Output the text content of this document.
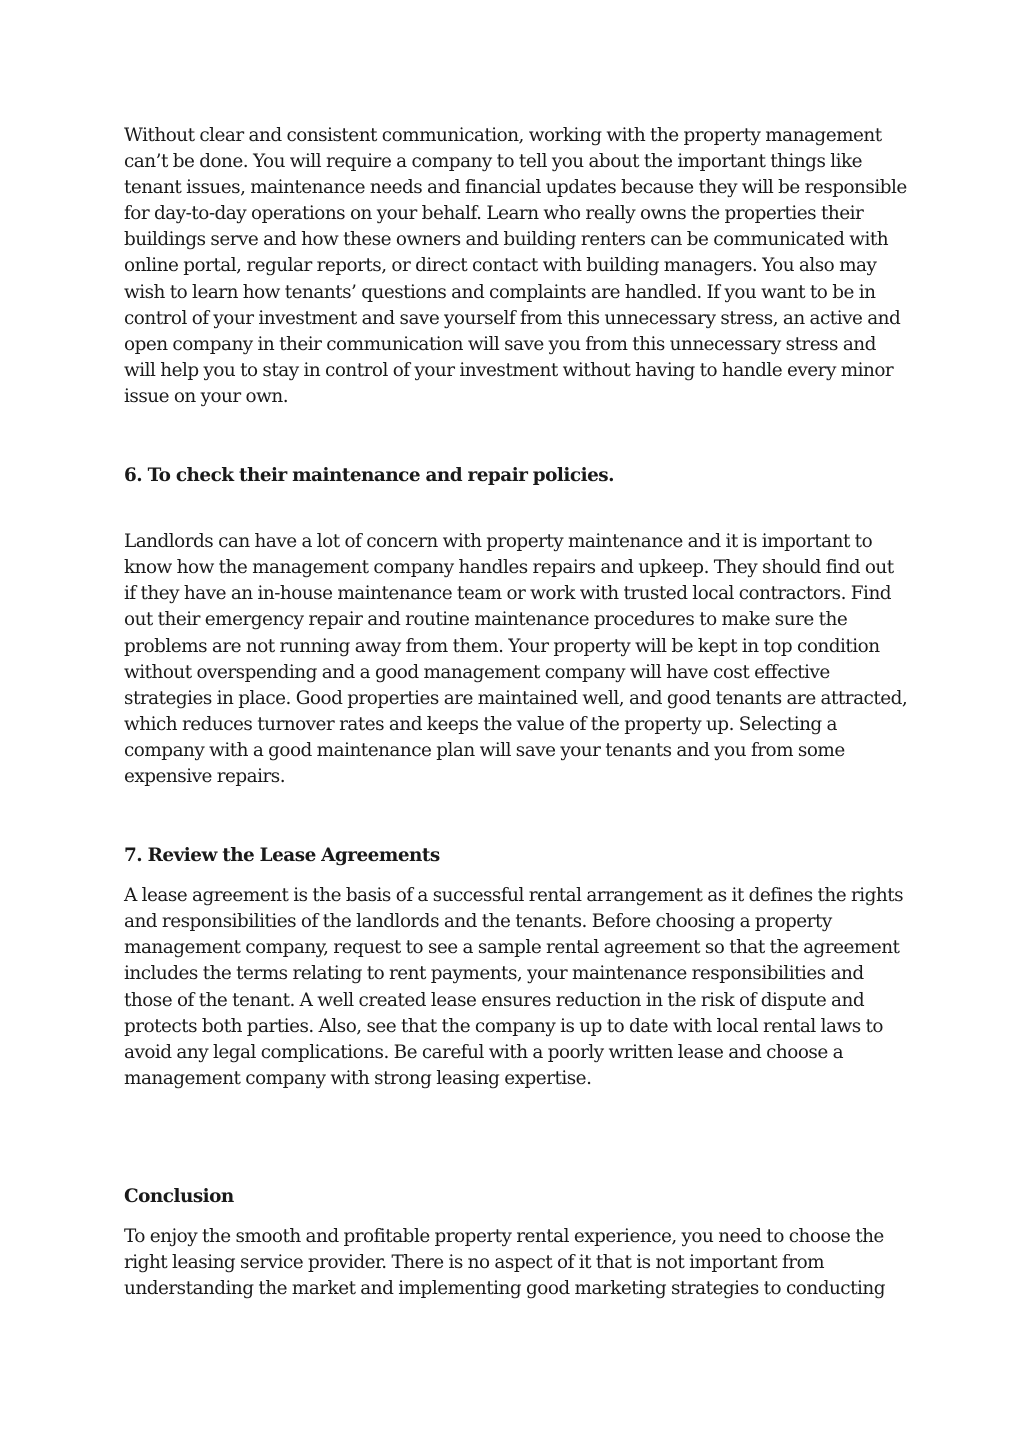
Without clear and consistent communication, working with the property management can’t be done. You will require a company to tell you about the important things like tenant issues, maintenance needs and financial updates because they will be responsible for day-to-day operations on your behalf. Learn who really owns the properties their buildings serve and how these owners and building renters can be communicated with online portal, regular reports, or direct contact with building managers. You also may wish to learn how tenants’ questions and complaints are handled. If you want to be in control of your investment and save yourself from this unnecessary stress, an active and open company in their communication will save you from this unnecessary stress and will help you to stay in control of your investment without having to handle every minor issue on your own.

6. To check their maintenance and repair policies.

Landlords can have a lot of concern with property maintenance and it is important to know how the management company handles repairs and upkeep. They should find out if they have an in-house maintenance team or work with trusted local contractors. Find out their emergency repair and routine maintenance procedures to make sure the problems are not running away from them. Your property will be kept in top condition without overspending and a good management company will have cost effective strategies in place. Good properties are maintained well, and good tenants are attracted, which reduces turnover rates and keeps the value of the property up. Selecting a company with a good maintenance plan will save your tenants and you from some expensive repairs.

7. Review the Lease Agreements

A lease agreement is the basis of a successful rental arrangement as it defines the rights and responsibilities of the landlords and the tenants. Before choosing a property management company, request to see a sample rental agreement so that the agreement includes the terms relating to rent payments, your maintenance responsibilities and those of the tenant. A well created lease ensures reduction in the risk of dispute and protects both parties. Also, see that the company is up to date with local rental laws to avoid any legal complications. Be careful with a poorly written lease and choose a management company with strong leasing expertise.

Conclusion

To enjoy the smooth and profitable property rental experience, you need to choose the right leasing service provider. There is no aspect of it that is not important from understanding the market and implementing good marketing strategies to conducting
